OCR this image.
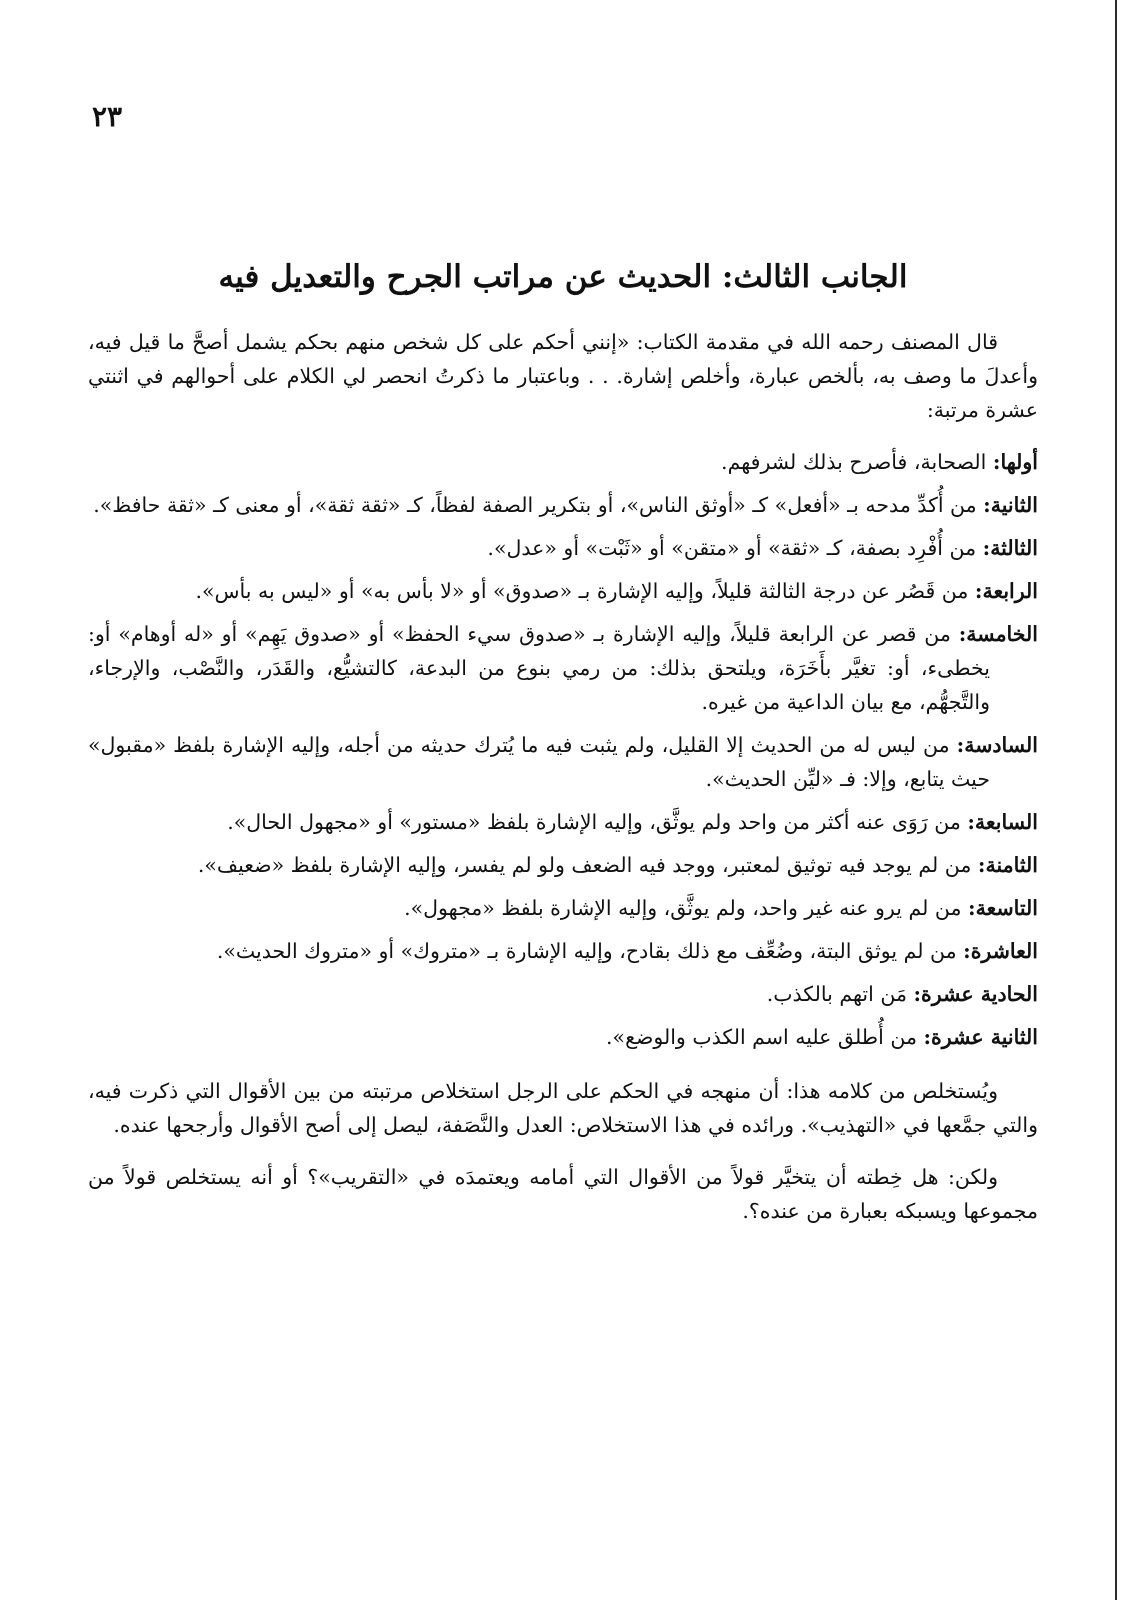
٢٣
الجانب الثالث: الحديث عن مراتب الجرح والتعديل فيه

قال المصنف رحمه الله في مقدمة الكتاب: «إنني أحكم على كل شخص منهم بحكم يشمل أصحَّ ما قيل فيه، وأعدلَ ما وصف به، بألخص عبارة، وأخلص إشارة. . . وباعتبار ما ذكرتُ انحصر لي الكلام على أحوالهم في اثنتي عشرة مرتبة:

أولها: الصحابة، فأصرح بذلك لشرفهم.

الثانية: من أُكدِّ مدحه بـ «أفعل» كـ «أوثق الناس»، أو بتكرير الصفة لفظاً، كـ «ثقة ثقة»، أو معنى كـ «ثقة حافظ».

الثالثة: من أُفْرِد بصفة، كـ «ثقة» أو «متقن» أو «ثَبْت» أو «عدل».

الرابعة: من قَصُر عن درجة الثالثة قليلاً، وإليه الإشارة بـ «صدوق» أو «لا بأس به» أو «ليس به بأس».

الخامسة: من قصر عن الرابعة قليلاً، وإليه الإشارة بـ «صدوق سيء الحفظ» أو «صدوق يَهِم» أو «له أوهام» أو: يخطىء، أو: تغيَّر بأَخَرَة، ويلتحق بذلك: من رمي بنوع من البدعة، كالتشيُّع، والقَدَر، والنَّصْب، والإرجاء، والتَّجهُّم، مع بيان الداعية من غيره.

السادسة: من ليس له من الحديث إلا القليل، ولم يثبت فيه ما يُترك حديثه من أجله، وإليه الإشارة بلفظ «مقبول» حيث يتابع، وإلا: فـ «ليِّن الحديث».

السابعة: من رَوَى عنه أكثر من واحد ولم يوثَّق، وإليه الإشارة بلفظ «مستور» أو «مجهول الحال».

الثامنة: من لم يوجد فيه توثيق لمعتبر، ووجد فيه الضعف ولو لم يفسر، وإليه الإشارة بلفظ «ضعيف».

التاسعة: من لم يرو عنه غير واحد، ولم يوثَّق، وإليه الإشارة بلفظ «مجهول».

العاشرة: من لم يوثق البتة، وضُعِّف مع ذلك بقادح، وإليه الإشارة بـ «متروك» أو «متروك الحديث».

الحادية عشرة: مَن اتهم بالكذب.

الثانية عشرة: من أُطلق عليه اسم الكذب والوضع».

ويُستخلص من كلامه هذا: أن منهجه في الحكم على الرجل استخلاص مرتبته من بين الأقوال التي ذكرت فيه، والتي جمَّعها في «التهذيب». ورائده في هذا الاستخلاص: العدل والنَّصَفة، ليصل إلى أصح الأقوال وأرجحها عنده.

ولكن: هل خِطته أن يتخيَّر قولاً من الأقوال التي أمامه ويعتمدَه في «التقريب»؟ أو أنه يستخلص قولاً من مجموعها ويسبكه بعبارة من عنده؟.
